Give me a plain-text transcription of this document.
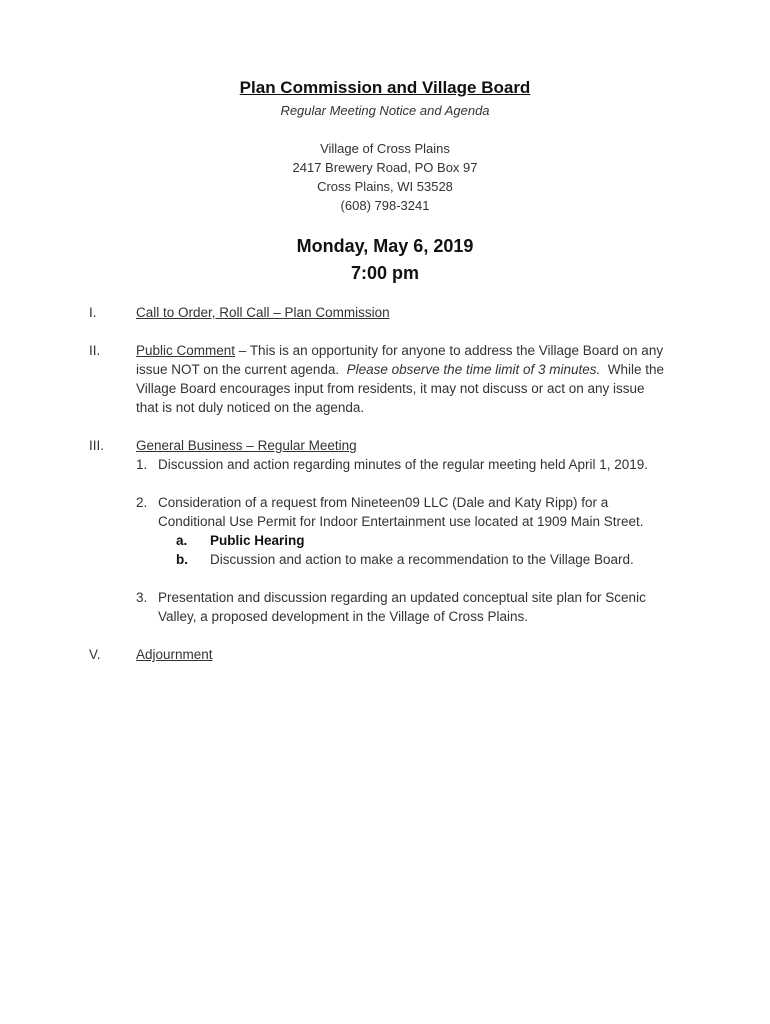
Plan Commission and Village Board
Regular Meeting Notice and Agenda
Village of Cross Plains
2417 Brewery Road, PO Box 97
Cross Plains, WI 53528
(608) 798-3241
Monday, May 6, 2019
7:00 pm
I.	Call to Order, Roll Call – Plan Commission
II.	Public Comment – This is an opportunity for anyone to address the Village Board on any
issue NOT on the current agenda.  Please observe the time limit of 3 minutes.  While the
Village Board encourages input from residents, it may not discuss or act on any issue
that is not duly noticed on the agenda.
III. General Business – Regular Meeting
1. Discussion and action regarding minutes of the regular meeting held April 1, 2019.
2. Consideration of a request from Nineteen09 LLC (Dale and Katy Ripp) for a
Conditional Use Permit for Indoor Entertainment use located at 1909 Main Street.
a. Public Hearing
b. Discussion and action to make a recommendation to the Village Board.
3. Presentation and discussion regarding an updated conceptual site plan for Scenic
Valley, a proposed development in the Village of Cross Plains.
V.	Adjournment
